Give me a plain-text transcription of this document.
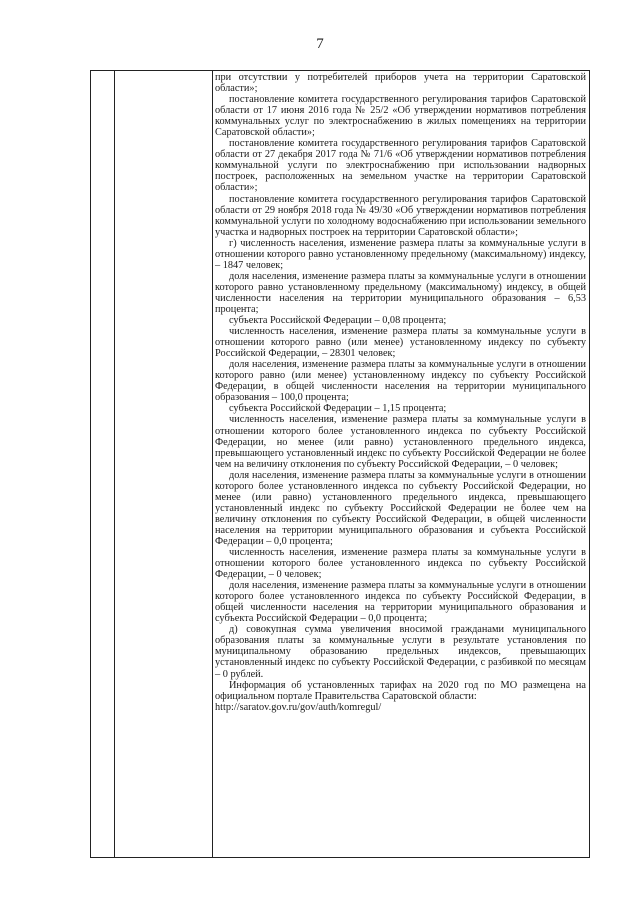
7

при отсутствии у потребителей приборов учета на территории Саратовской области»;

постановление комитета государственного регулирования тарифов Саратовской области от 17 июня 2016 года № 25/2 «Об утверждении нормативов потребления коммунальных услуг по электроснабжению в жилых помещениях на территории Саратовской области»;

постановление комитета государственного регулирования тарифов Саратовской области от 27 декабря 2017 года № 71/6 «Об утверждении нормативов потребления коммунальной услуги по электроснабжению при использовании надворных построек, расположенных на земельном участке на территории Саратовской области»;

постановление комитета государственного регулирования тарифов Саратовской области от 29 ноября 2018 года № 49/30 «Об утверждении нормативов потребления коммунальной услуги по холодному водоснабжению при использовании земельного участка и надворных построек на территории Саратовской области»;

г) численность населения, изменение размера платы за коммунальные услуги в отношении которого равно установленному предельному (максимальному) индексу, – 1847 человек;

доля населения, изменение размера платы за коммунальные услуги в отношении которого равно установленному предельному (максимальному) индексу, в общей численности населения на территории муниципального образования – 6,53 процента;

субъекта Российской Федерации – 0,08 процента;

численность населения, изменение размера платы за коммунальные услуги в отношении которого равно (или менее) установленному индексу по субъекту Российской Федерации, – 28301 человек;

доля населения, изменение размера платы за коммунальные услуги в отношении которого равно (или менее) установленному индексу по субъекту Российской Федерации, в общей численности населения на территории муниципального образования – 100,0 процента;

субъекта Российской Федерации – 1,15 процента;

численность населения, изменение размера платы за коммунальные услуги в отношении которого более установленного индекса по субъекту Российской Федерации, но менее (или равно) установленного предельного индекса, превышающего установленный индекс по субъекту Российской Федерации не более чем на величину отклонения по субъекту Российской Федерации, – 0 человек;

доля населения, изменение размера платы за коммунальные услуги в отношении которого более установленного индекса по субъекту Российской Федерации, но менее (или равно) установленного предельного индекса, превышающего установленный индекс по субъекту Российской Федерации не более чем на величину отклонения по субъекту Российской Федерации, в общей численности населения на территории муниципального образования и субъекта Российской Федерации – 0,0 процента;

численность населения, изменение размера платы за коммунальные услуги в отношении которого более установленного индекса по субъекту Российской Федерации, – 0 человек;

доля населения, изменение размера платы за коммунальные услуги в отношении которого более установленного индекса по субъекту Российской Федерации, в общей численности населения на территории муниципального образования и субъекта Российской Федерации – 0,0 процента;

д) совокупная сумма увеличения вносимой гражданами муниципального образования платы за коммунальные услуги в результате установления по муниципальному образованию предельных индексов, превышающих установленный индекс по субъекту Российской Федерации, с разбивкой по месяцам – 0 рублей.

Информация об установленных тарифах на 2020 год по МО размещена на официальном портале Правительства Саратовской области:

http://saratov.gov.ru/gov/auth/komregul/
